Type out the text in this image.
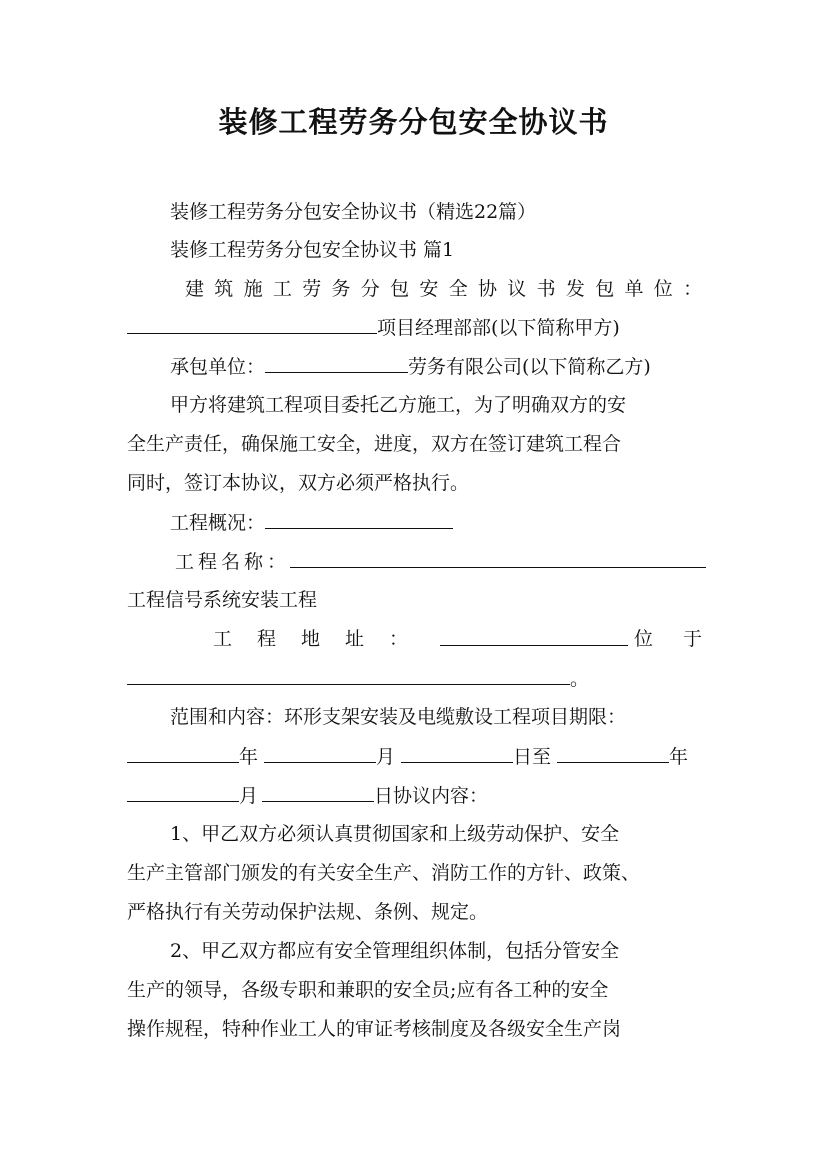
装修工程劳务分包安全协议书
装修工程劳务分包安全协议书（精选22篇）
装修工程劳务分包安全协议书 篇1
建筑施工劳务分包安全协议书发包单位：
项目经理部部(以下简称甲方)
承包单位：	劳务有限公司(以下简称乙方)
甲方将建筑工程项目委托乙方施工，为了明确双方的安
全生产责任，确保施工安全，进度，双方在签订建筑工程合
同时，签订本协议，双方必须严格执行。
工程概况：
工程名称：
工程信号系统安装工程
工程地址：	位于
。
范围和内容：环形支架安装及电缆敷设工程项目期限：
年	月	日至	年
月	日协议内容：
1、甲乙双方必须认真贯彻国家和上级劳动保护、安全
生产主管部门颁发的有关安全生产、消防工作的方针、政策、
严格执行有关劳动保护法规、条例、规定。
2、甲乙双方都应有安全管理组织体制，包括分管安全
生产的领导，各级专职和兼职的安全员;应有各工种的安全
操作规程，特种作业工人的审证考核制度及各级安全生产岗
